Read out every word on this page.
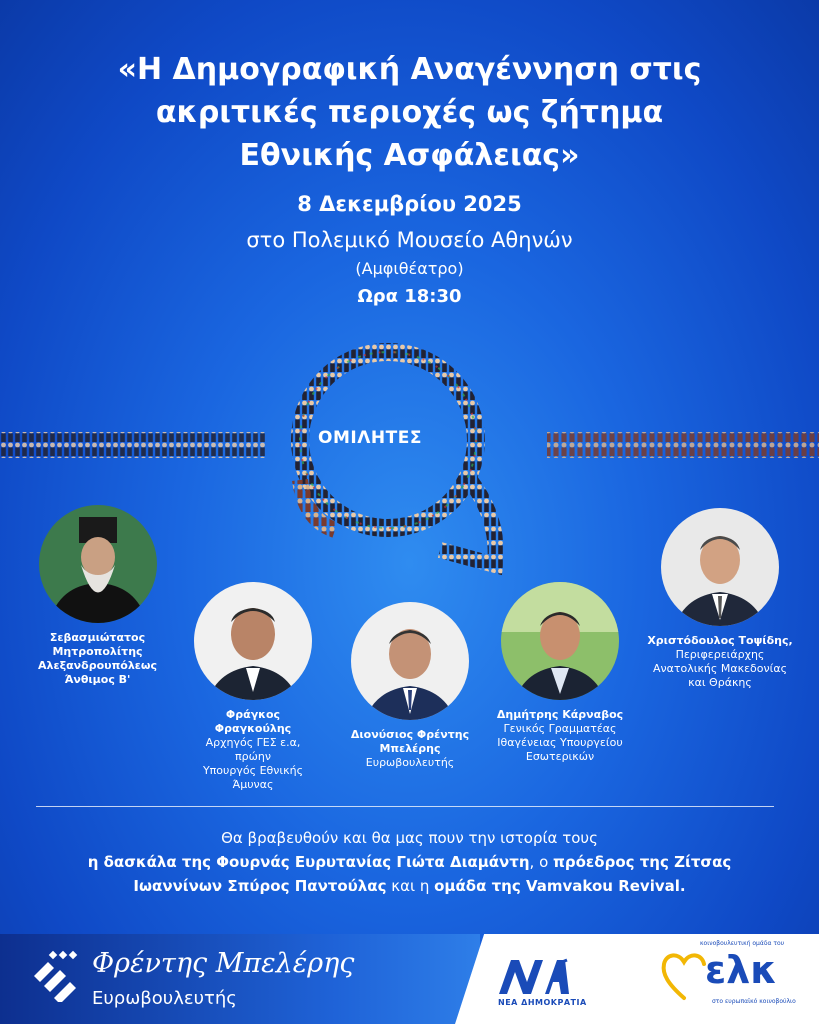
«Η Δημογραφική Αναγέννηση στις
ακριτικές περιοχές ως ζήτημα
Εθνικής Ασφάλειας»
8 Δεκεμβρίου 2025
στο Πολεμικό Μουσείο Αθηνών
(Αμφιθέατρο)
Ωρα 18:30
ΟΜΙΛΗΤΕΣ
Σεβασμιώτατος Μητροπολίτης Αλεξανδρουπόλεως Άνθιμος Β'
Φράγκος Φραγκούλης
Αρχηγός ΓΕΣ ε.α, πρώην
Υπουργός Εθνικής
Άμυνας
Διονύσιος Φρέντης Μπελέρης
Ευρωβουλευτής
Δημήτρης Κάρναβος
Γενικός Γραμματέας
Ιθαγένειας Υπουργείου
Εσωτερικών
Χριστόδουλος Τοψίδης,
Περιφερειάρχης
Ανατολικής Μακεδονίας
και Θράκης
Θα βραβευθούν και θα μας πουν την ιστορία τους
η δασκάλα της Φουρνάς Ευρυτανίας Γιώτα Διαμάντη, ο πρόεδρος της Ζίτσας
Ιωαννίνων Σπύρος Παντούλας και η ομάδα της Vamvakou Revival.
Φρέντης Μπελέρης
Ευρωβουλευτής	ΝΕΑ ΔΗΜΟΚΡΑΤΙΑ
κοινοβουλευτική ομάδα του
ελκ
στο ευρωπαϊκό κοινοβούλιο
